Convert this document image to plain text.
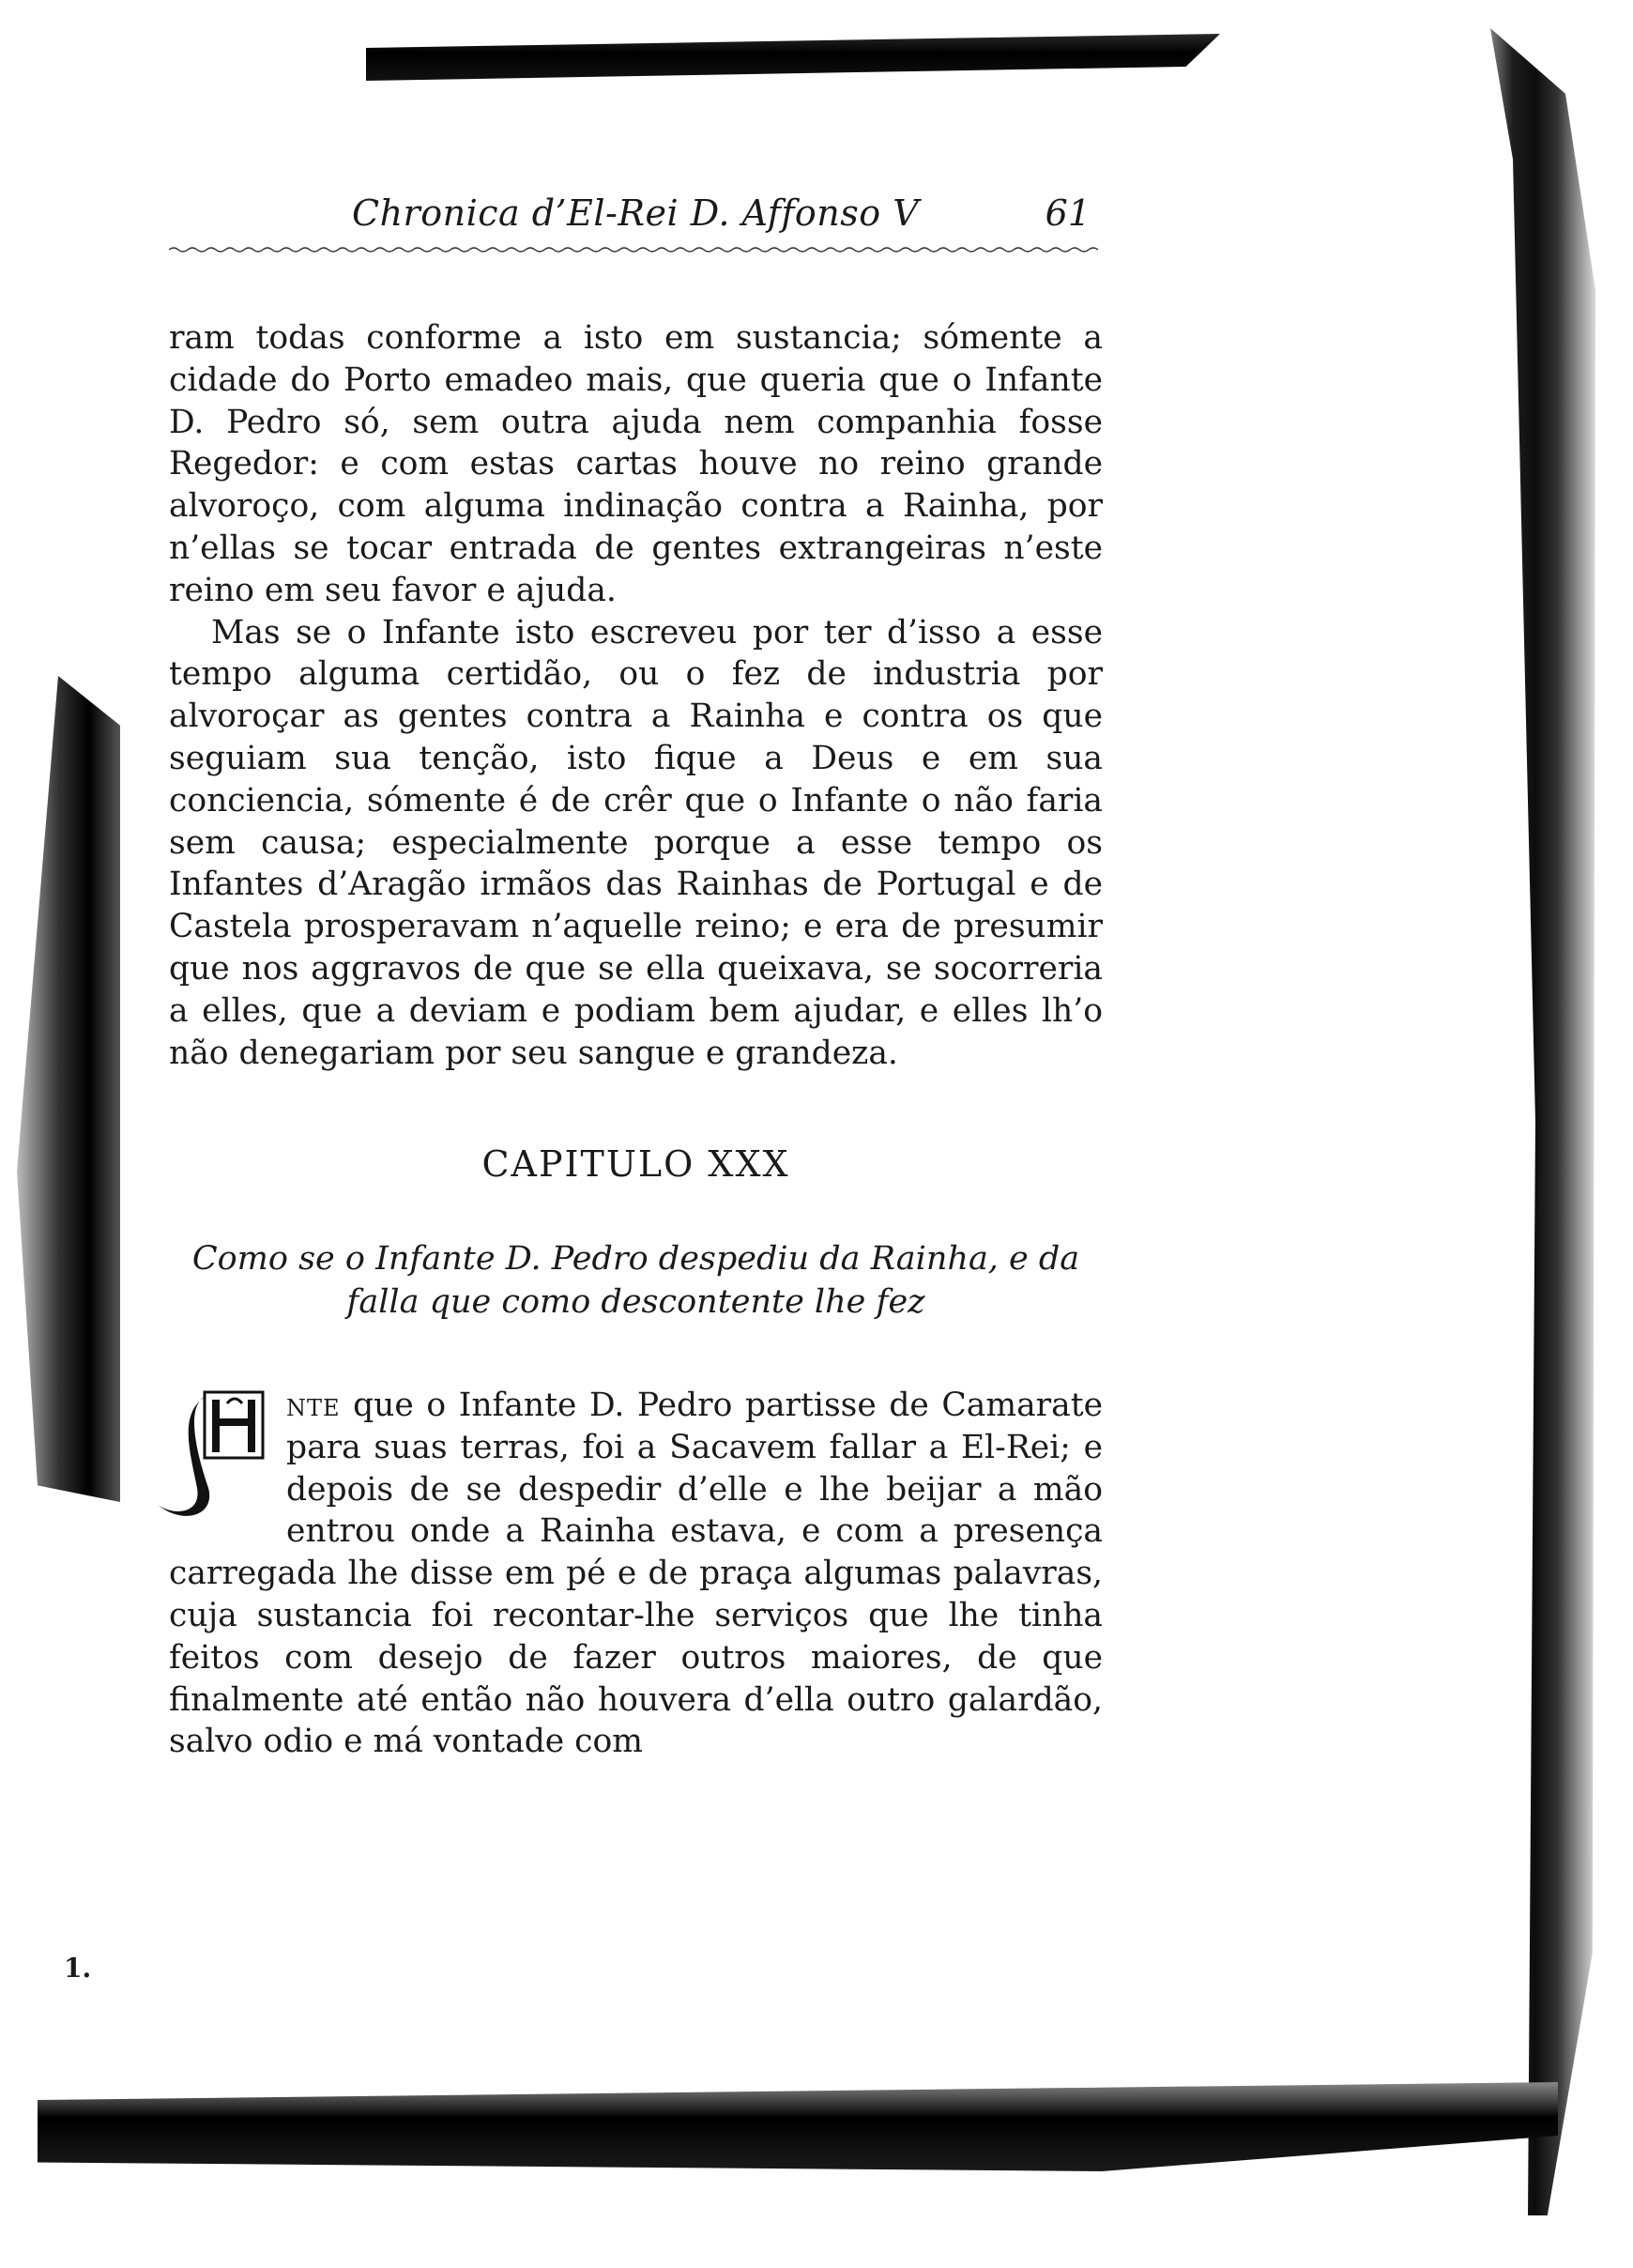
Chronica d’El-Rei D. Affonso V	61

ram todas conforme a isto em sustancia; sómente a cidade do Porto emadeo mais, que queria que o Infante D. Pedro só, sem outra ajuda nem companhia fosse Regedor: e com estas cartas houve no reino grande alvoroço, com alguma indinação contra a Rainha, por n’ellas se tocar entrada de gentes extrangeiras n’este reino em seu favor e ajuda.

Mas se o Infante isto escreveu por ter d’isso a esse tempo alguma certidão, ou o fez de industria por alvoroçar as gentes contra a Rainha e contra os que seguiam sua tenção, isto fique a Deus e em sua conciencia, sómente é de crêr que o Infante o não faria sem causa; especialmente porque a esse tempo os Infantes d’Aragão irmãos das Rainhas de Portugal e de Castela prosperavam n’aquelle reino; e era de presumir que nos aggravos de que se ella queixava, se socorreria a elles, que a deviam e podiam bem ajudar, e elles lh’o não denegariam por seu sangue e grandeza.

CAPITULO XXX
Como se o Infante D. Pedro despediu da Rainha, e da falla que como descontente lhe fez
A
nte que o Infante D. Pedro partisse de Camarate para suas terras, foi a Sacavem fallar a El-Rei; e depois de se despedir d’elle e lhe beijar a mão entrou onde a Rainha estava, e com a presença carregada lhe disse em pé e de praça algumas palavras, cuja sustancia foi recontar-lhe serviços que lhe tinha feitos com desejo de fazer outros maiores, de que finalmente até então não houvera d’ella outro galardão, salvo odio e má vontade com
1.
